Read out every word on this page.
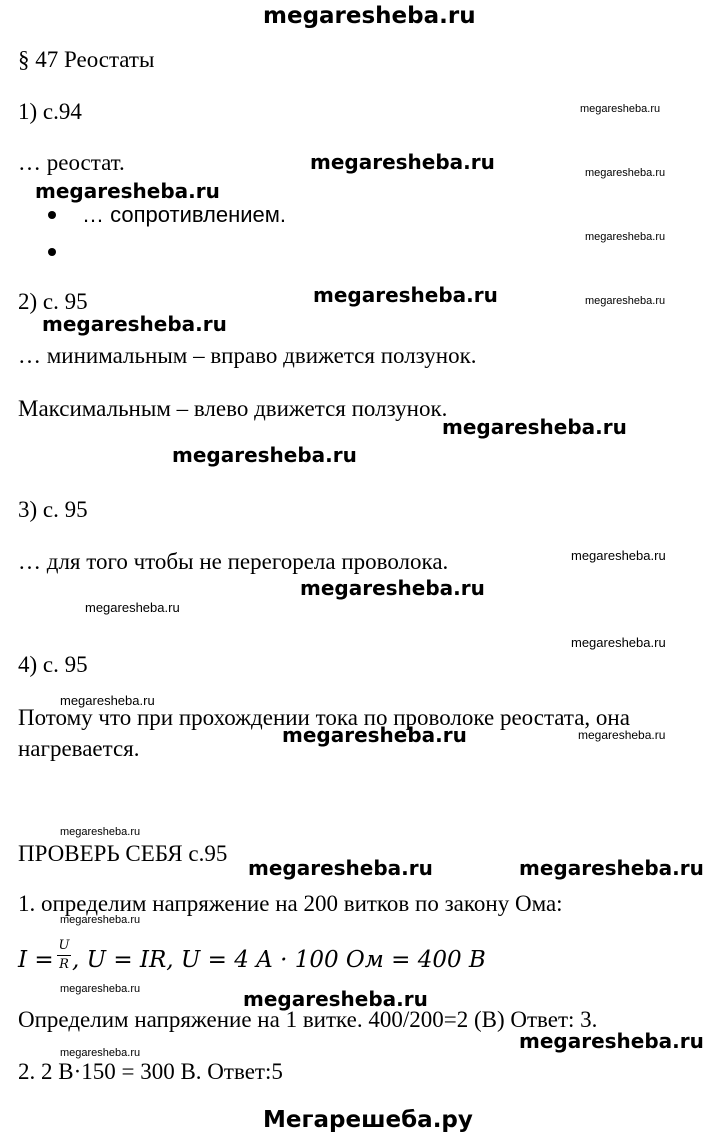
megaresheba.ru
§ 47 Реостаты
1) с.94
… реостат.
… сопротивлением.
2) с. 95
… минимальным – вправо движется ползунок.
Максимальным – влево движется ползунок.
3) с. 95
… для того чтобы не перегорела проволока.
4) с. 95
Потому что при прохождении тока по проволоке реостата, она
нагревается.
ПРОВЕРЬ СЕБЯ с.95
1. определим напряжение на 200 витков по закону Ома:
I =
U
R , U = IR, U = 4 A · 100 Ом = 400 В
Определим напряжение на 1 витке. 400/200=2 (В) Ответ: 3.
2. 2 В·150 = 300 В. Ответ:5
megaresheba.ru
megaresheba.ru
megaresheba.ru
megaresheba.ru
megaresheba.ru
megaresheba.ru
megaresheba.ru
megaresheba.ru
megaresheba.ru	megaresheba.ru
megaresheba.ru
megaresheba.ru
megaresheba.ru
megaresheba.ru
megaresheba.ru
megaresheba.ru
megaresheba.ru
megaresheba.ru
megaresheba.ru
megaresheba.ru
megaresheba.ru
megaresheba.ru
megaresheba.ru
megaresheba.ru
megaresheba.ru
Мегарешеба.ру
